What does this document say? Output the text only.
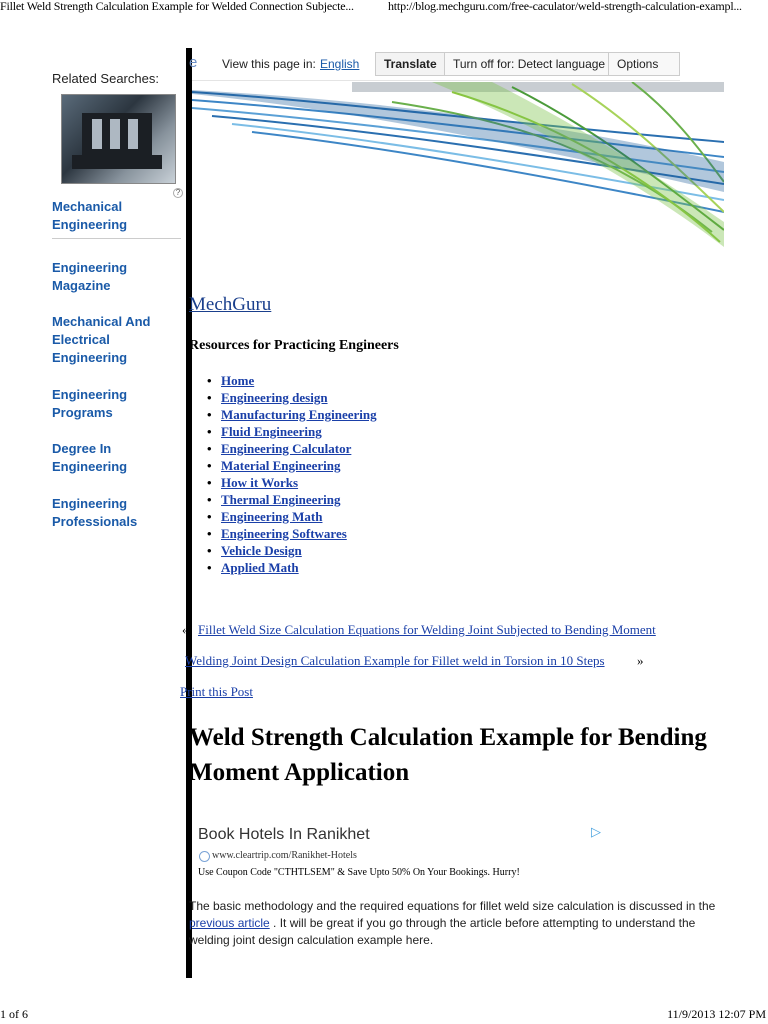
Fillet Weld Strength Calculation Example for Welded Connection Subjecte...	http://blog.mechguru.com/free-caculator/weld-strength-calculation-exampl...
Related Searches:
?
Mechanical
Engineering
Engineering
Magazine
Mechanical And
Electrical
Engineering
Engineering
Programs
Degree In
Engineering
Engineering
Professionals
e View this page in: English	Translate	Turn off for: Detect language Options
MechGuru
Resources for Practicing Engineers
• Home
• Engineering design
• Manufacturing Engineering
• Fluid Engineering
• Engineering Calculator
• Material Engineering
• How it Works
• Thermal Engineering
• Engineering Math
• Engineering Softwares
• Vehicle Design
• Applied Math
« Fillet Weld Size Calculation Equations for Welding Joint Subjected to Bending Moment
Welding Joint Design Calculation Example for Fillet weld in Torsion in 10 Steps »
Print this Post
Weld Strength Calculation Example for Bending Moment Application
Book Hotels In Ranikhet	▷
www.cleartrip.com/Ranikhet-Hotels
Use Coupon Code "CTHTLSEM" & Save Upto 50% On Your Bookings. Hurry!
The basic methodology and the required equations for fillet weld size calculation is discussed in the previous article . It will be great if you go through the article before attempting to understand the welding joint design calculation example here.
1 of 6	11/9/2013 12:07 PM
